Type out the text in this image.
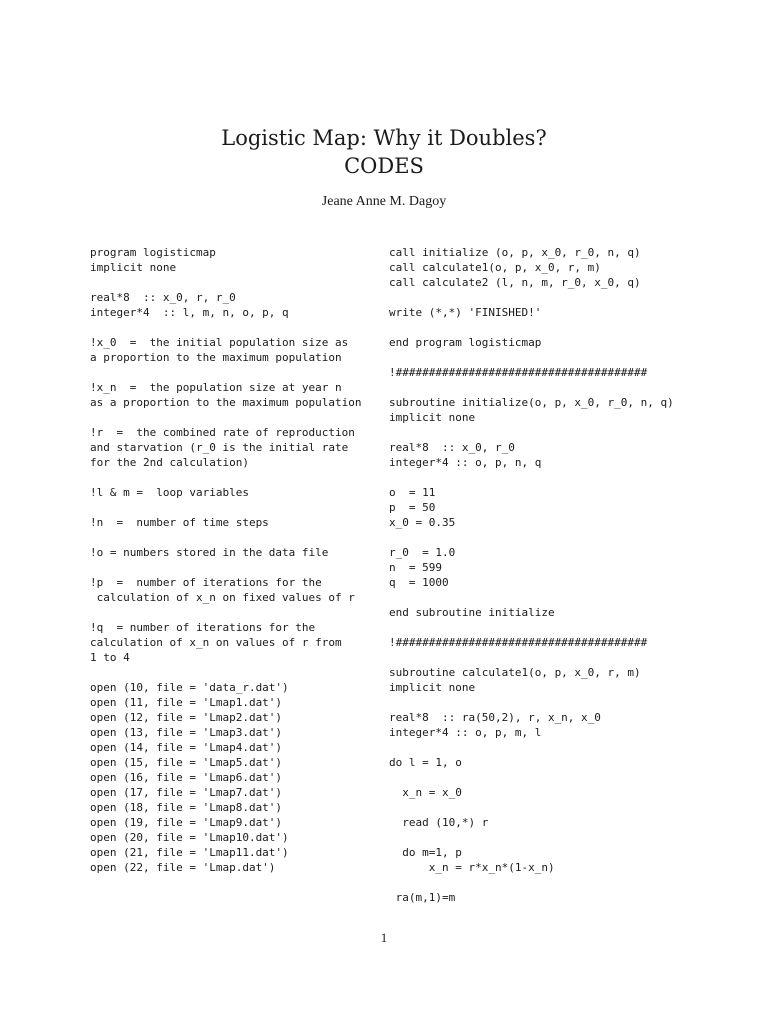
Logistic Map: Why it Doubles?
CODES
Jeane Anne M. Dagoy
program logisticmap
implicit none
real*8  :: x_0, r, r_0
integer*4  :: l, m, n, o, p, q
!x_0  =  the initial population size as
a proportion to the maximum population
!x_n  =  the population size at year n
as a proportion to the maximum population
!r  =  the combined rate of reproduction
and starvation (r_0 is the initial rate
for the 2nd calculation)
!l & m =  loop variables
!n  =  number of time steps
!o = numbers stored in the data file
!p  =  number of iterations for the
calculation of x_n on fixed values of r
!q  = number of iterations for the
calculation of x_n on values of r from
1 to 4
open (10, file = 'data_r.dat')
open (11, file = 'Lmap1.dat')
open (12, file = 'Lmap2.dat')
open (13, file = 'Lmap3.dat')
open (14, file = 'Lmap4.dat')
open (15, file = 'Lmap5.dat')
open (16, file = 'Lmap6.dat')
open (17, file = 'Lmap7.dat')
open (18, file = 'Lmap8.dat')
open (19, file = 'Lmap9.dat')
open (20, file = 'Lmap10.dat')
open (21, file = 'Lmap11.dat')
open (22, file = 'Lmap.dat')
call initialize (o, p, x_0, r_0, n, q)
call calculate1(o, p, x_0, r, m)
call calculate2 (l, n, m, r_0, x_0, q)
write (*,*) 'FINISHED!'
end program logisticmap
!######################################
subroutine initialize(o, p, x_0, r_0, n, q)
implicit none
real*8  :: x_0, r_0
integer*4 :: o, p, n, q
o  = 11
p  = 50
x_0 = 0.35
r_0  = 1.0
n  = 599
q  = 1000
end subroutine initialize
!######################################
subroutine calculate1(o, p, x_0, r, m)
implicit none
real*8  :: ra(50,2), r, x_n, x_0
integer*4 :: o, p, m, l
do l = 1, o
x_n = x_0
read (10,*) r
do m=1, p
x_n = r*x_n*(1-x_n)
ra(m,1)=m
1
